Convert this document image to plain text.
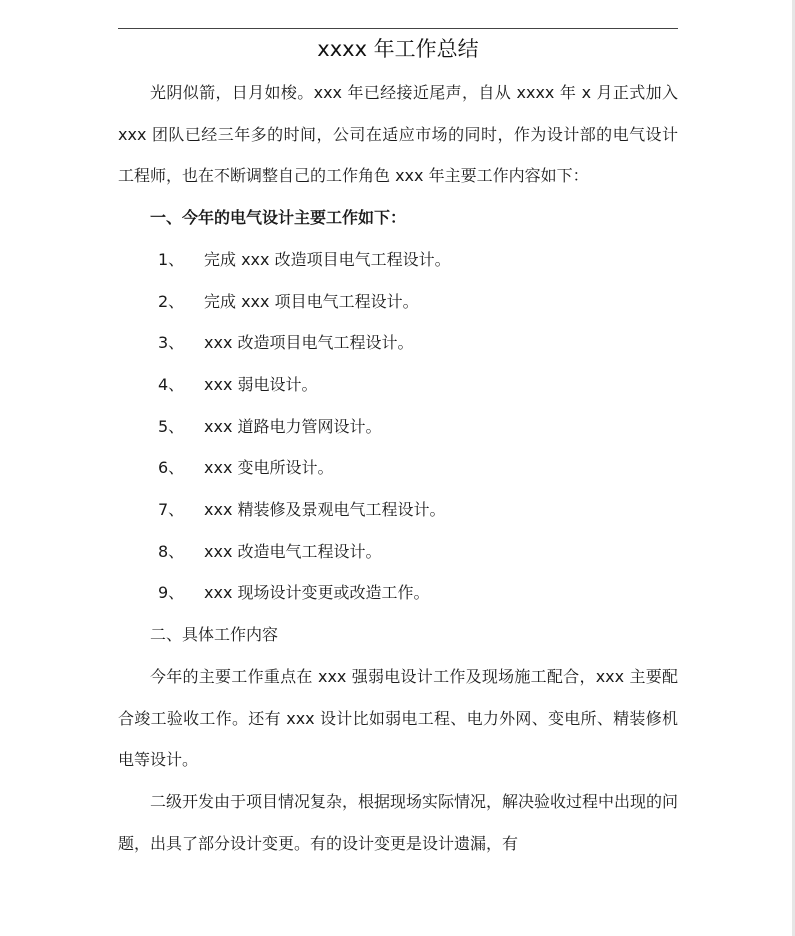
xxxx 年工作总结

光阴似箭，日月如梭。xxx 年已经接近尾声，自从 xxxx 年 x 月正式加入 xxx 团队已经三年多的时间，公司在适应市场的同时，作为设计部的电气设计工程师，也在不断调整自己的工作角色 xxx 年主要工作内容如下：

一、今年的电气设计主要工作如下：

1、 完成 xxx 改造项目电气工程设计。

2、 完成 xxx 项目电气工程设计。

3、 xxx 改造项目电气工程设计。

4、 xxx 弱电设计。

5、 xxx 道路电力管网设计。

6、 xxx 变电所设计。

7、 xxx 精装修及景观电气工程设计。

8、 xxx 改造电气工程设计。

9、 xxx 现场设计变更或改造工作。

二、具体工作内容

今年的主要工作重点在 xxx 强弱电设计工作及现场施工配合，xxx 主要配合竣工验收工作。还有 xxx 设计比如弱电工程、电力外网、变电所、精装修机电等设计。

二级开发由于项目情况复杂，根据现场实际情况，解决验收过程中出现的问题，出具了部分设计变更。有的设计变更是设计遗漏，有
